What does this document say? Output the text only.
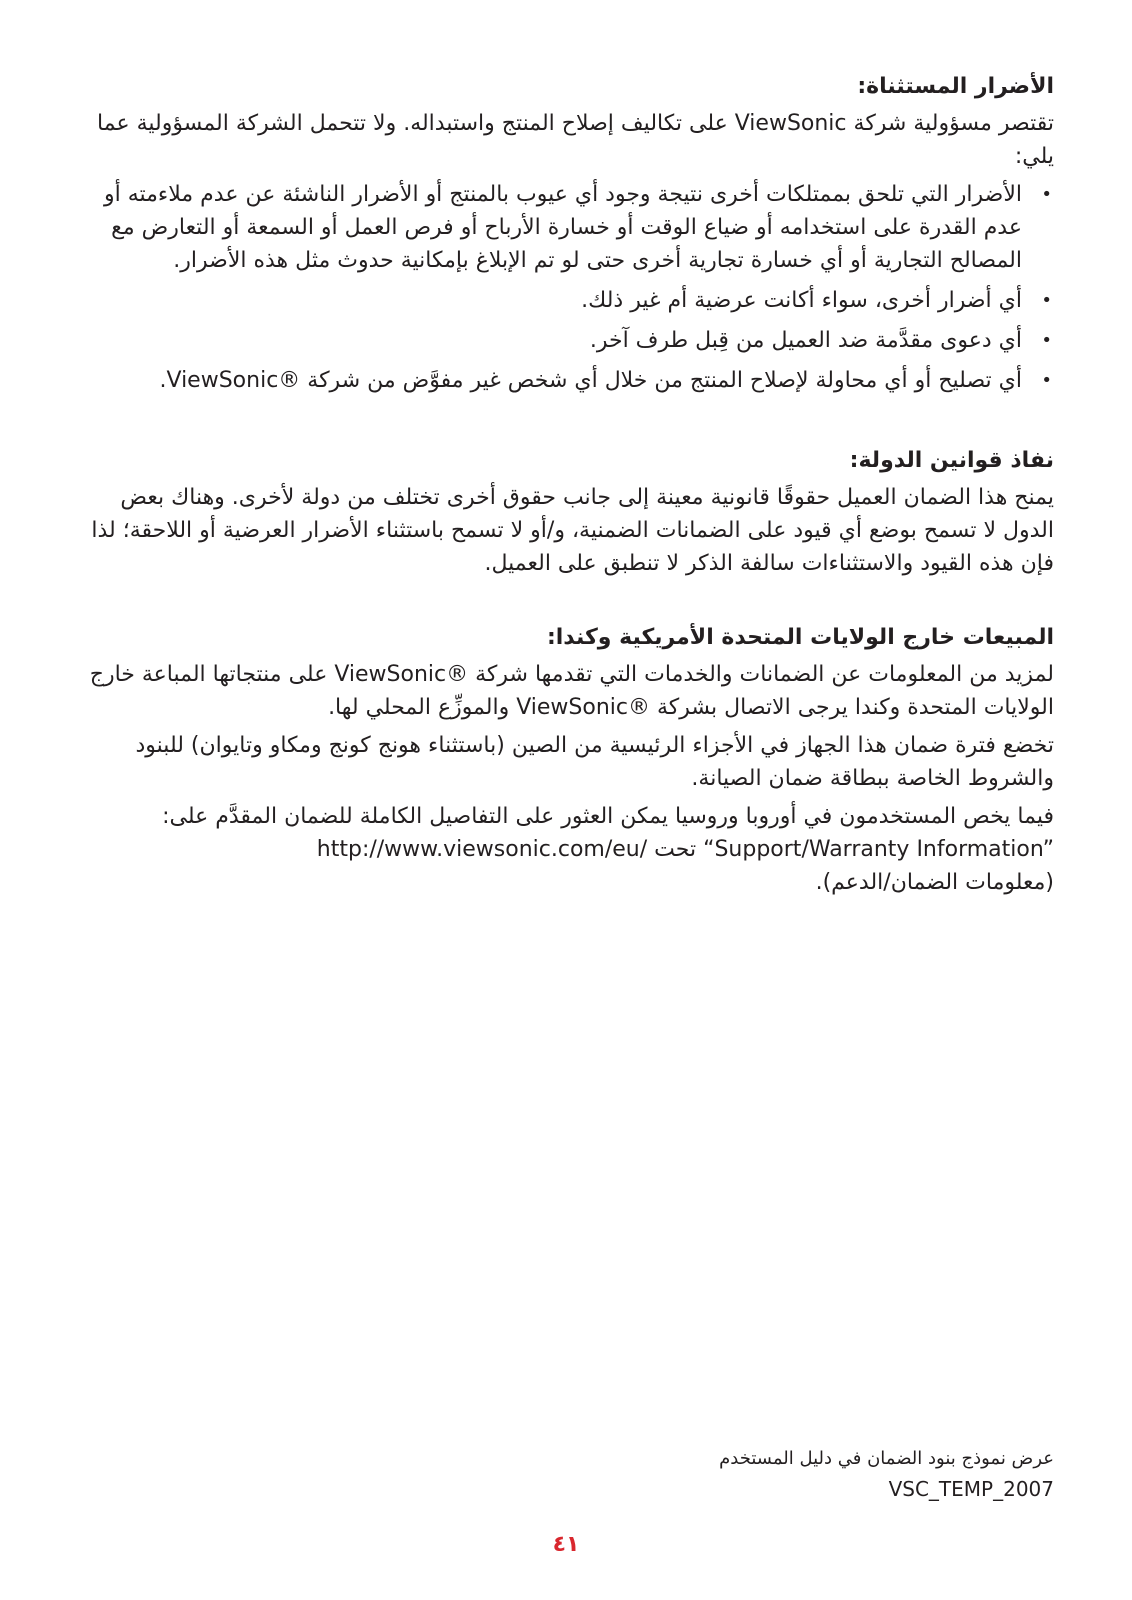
الأضرار المستثناة:

تقتصر مسؤولية شركة ViewSonic على تكاليف إصلاح المنتج واستبداله. ولا تتحمل الشركة المسؤولية عما يلي:

•
الأضرار التي تلحق بممتلكات أخرى نتيجة وجود أي عيوب بالمنتج أو الأضرار الناشئة عن عدم ملاءمته أو عدم القدرة على استخدامه أو ضياع الوقت أو خسارة الأرباح أو فرص العمل أو السمعة أو التعارض مع المصالح التجارية أو أي خسارة تجارية أخرى حتى لو تم الإبلاغ بإمكانية حدوث مثل هذه الأضرار.
•
أي أضرار أخرى، سواء أكانت عرضية أم غير ذلك.
•
أي دعوى مقدَّمة ضد العميل من قِبل طرف آخر.
•
أي تصليح أو أي محاولة لإصلاح المنتج من خلال أي شخص غير مفوَّض من شركة ®ViewSonic.

نفاذ قوانين الدولة:

يمنح هذا الضمان العميل حقوقًا قانونية معينة إلى جانب حقوق أخرى تختلف من دولة لأخرى. وهناك بعض الدول لا تسمح بوضع أي قيود على الضمانات الضمنية، و/أو لا تسمح باستثناء الأضرار العرضية أو اللاحقة؛ لذا فإن هذه القيود والاستثناءات سالفة الذكر لا تنطبق على العميل.

المبيعات خارج الولايات المتحدة الأمريكية وكندا:

لمزيد من المعلومات عن الضمانات والخدمات التي تقدمها شركة ®ViewSonic على منتجاتها المباعة خارج الولايات المتحدة وكندا يرجى الاتصال بشركة ®ViewSonic والموزِّع المحلي لها.

تخضع فترة ضمان هذا الجهاز في الأجزاء الرئيسية من الصين (باستثناء هونج كونج ومكاو وتايوان) للبنود والشروط الخاصة ببطاقة ضمان الصيانة.

فيما يخص المستخدمون في أوروبا وروسيا يمكن العثور على التفاصيل الكاملة للضمان المقدَّم على:
http://www.viewsonic.com/eu/ تحت “Support/Warranty Information”
(معلومات الضمان/الدعم).
عرض نموذج بنود الضمان في دليل المستخدم
VSC_TEMP_2007
٤١
